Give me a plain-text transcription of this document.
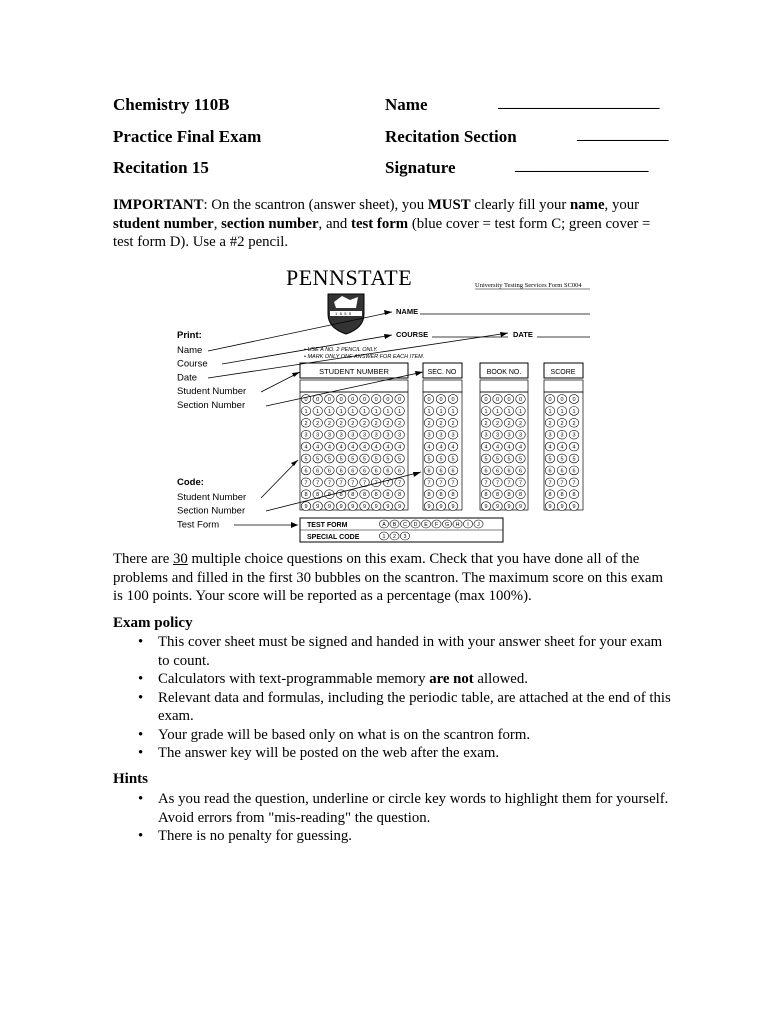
Chemistry 110B
Practice Final Exam
Recitation 15
Name	_______________________
Recitation Section	_____________
Signature	___________________
IMPORTANT: On the scantron (answer sheet), you MUST clearly fill your name, your student number, section number, and test form (blue cover = test form C; green cover = test form D). Use a #2 pencil.
PENNSTATE	University Testing Services Form SC004
1855	NAME
COURSE	DATE
• USE A NO. 2 PENCIL ONLY.
• MARK ONLY ONE ANSWER FOR EACH ITEM.
STUDENT NUMBER	SEC. NO	BOOK NO.	SCORE
0
1
2
3
4
5
6
7
8
9
0
1
2
3
4
5
6
7
8
9
0
1
2
3
4
5
6
7
8
9
0
1
2
3
4
5
6
7
8
9
0
1
2
3
4
5
6
7
8
9
0
1
2
3
4
5
6
7
8
9
0
1
2
3
4
5
6
7
8
9
0
1
2
3
4
5
6
7
8
9
0
1
2
3
4
5
6
7
8
9
0
1
2
3
4
5
6
7
8
9
0
1
2
3
4
5
6
7
8
9
0
1
2
3
4
5
6
7
8
9
0
1
2
3
4
5
6
7
8
9
0
1
2
3
4
5
6
7
8
9
0
1
2
3
4
5
6
7
8
9
0
1
2
3
4
5
6
7
8
9
0
1
2
3
4
5
6
7
8
9
0
1
2
3
4
5
6
7
8
9
0
1
2
3
4
5
6
7
8
9
Print:
Name
Course
Date
Student Number
Section Number
Code:
Student Number
Section Number
Test Form	TEST FORM
SPECIAL CODE
A B C D E F G H I J
1 2 3
There are 30 multiple choice questions on this exam. Check that you have done all of the problems and filled in the first 30 bubbles on the scantron. The maximum score on this exam is 100 points. Your score will be reported as a percentage (max 100%).
Exam policy
• This cover sheet must be signed and handed in with your answer sheet for your exam to count.
• Calculators with text-programmable memory are not allowed.
• Relevant data and formulas, including the periodic table, are attached at the end of this exam.
• Your grade will be based only on what is on the scantron form.
• The answer key will be posted on the web after the exam.
Hints
• As you read the question, underline or circle key words to highlight them for yourself. Avoid errors from "mis-reading" the question.
• There is no penalty for guessing.
